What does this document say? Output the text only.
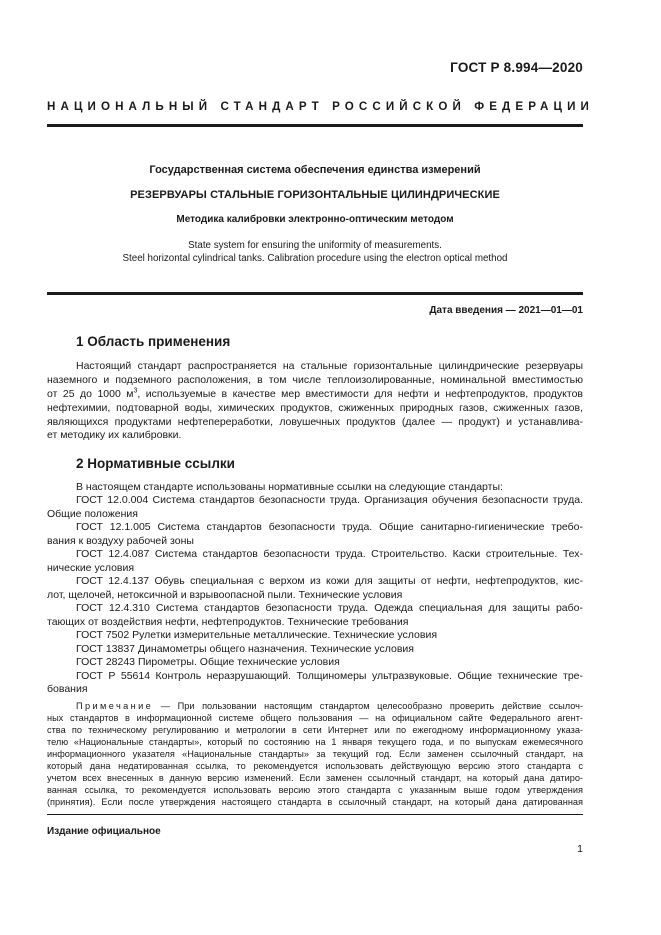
ГОСТ Р 8.994—2020
НАЦИОНАЛЬНЫЙ СТАНДАРТ РОССИЙСКОЙ ФЕДЕРАЦИИ
Государственная система обеспечения единства измерений
РЕЗЕРВУАРЫ СТАЛЬНЫЕ ГОРИЗОНТАЛЬНЫЕ ЦИЛИНДРИЧЕСКИЕ
Методика калибровки электронно-оптическим методом
State system for ensuring the uniformity of measurements.
Steel horizontal cylindrical tanks. Calibration procedure using the electron optical method
Дата введения — 2021—01—01
1 Область применения
Настоящий стандарт распространяется на стальные горизонтальные цилиндрические резервуары
наземного и подземного расположения, в том числе теплоизолированные, номинальной вместимостью
от 25 до 1000 $м^3$, используемые в качестве мер вместимости для нефти и нефтепродуктов, продуктов
нефтехимии, подтоварной воды, химических продуктов, сжиженных природных газов, сжиженных газов,
являющихся продуктами нефтепереработки, ловушечных продуктов (далее — продукт) и устанавлива-
ет методику их калибровки.
2 Нормативные ссылки
В настоящем стандарте использованы нормативные ссылки на следующие стандарты:
ГОСТ 12.0.004 Система стандартов безопасности труда. Организация обучения безопасности труда.
Общие положения
ГОСТ 12.1.005 Система стандартов безопасности труда. Общие санитарно-гигиенические требо-
вания к воздуху рабочей зоны
ГОСТ 12.4.087 Система стандартов безопасности труда. Строительство. Каски строительные. Тех-
нические условия
ГОСТ 12.4.137 Обувь специальная с верхом из кожи для защиты от нефти, нефтепродуктов, кис-
лот, щелочей, нетоксичной и взрывоопасной пыли. Технические условия
ГОСТ 12.4.310 Система стандартов безопасности труда. Одежда специальная для защиты рабо-
тающих от воздействия нефти, нефтепродуктов. Технические требования
ГОСТ 7502 Рулетки измерительные металлические. Технические условия
ГОСТ 13837 Динамометры общего назначения. Технические условия
ГОСТ 28243 Пирометры. Общие технические условия
ГОСТ Р 55614 Контроль неразрушающий. Толщиномеры ультразвуковые. Общие технические тре-
бования
Примечание — При пользовании настоящим стандартом целесообразно проверить действие ссылоч-
ных стандартов в информационной системе общего пользования — на официальном сайте Федерального агент-
ства по техническому регулированию и метрологии в сети Интернет или по ежегодному информационному указа-
телю «Национальные стандарты», который по состоянию на 1 января текущего года, и по выпускам ежемесячного
информационного указателя «Национальные стандарты» за текущий год. Если заменен ссылочный стандарт, на
который дана недатированная ссылка, то рекомендуется использовать действующую версию этого стандарта с
учетом всех внесенных в данную версию изменений. Если заменен ссылочный стандарт, на который дана датиро-
ванная ссылка, то рекомендуется использовать версию этого стандарта с указанным выше годом утверждения
(принятия). Если после утверждения настоящего стандарта в ссылочный стандарт, на который дана датированная
Издание официальное
1
